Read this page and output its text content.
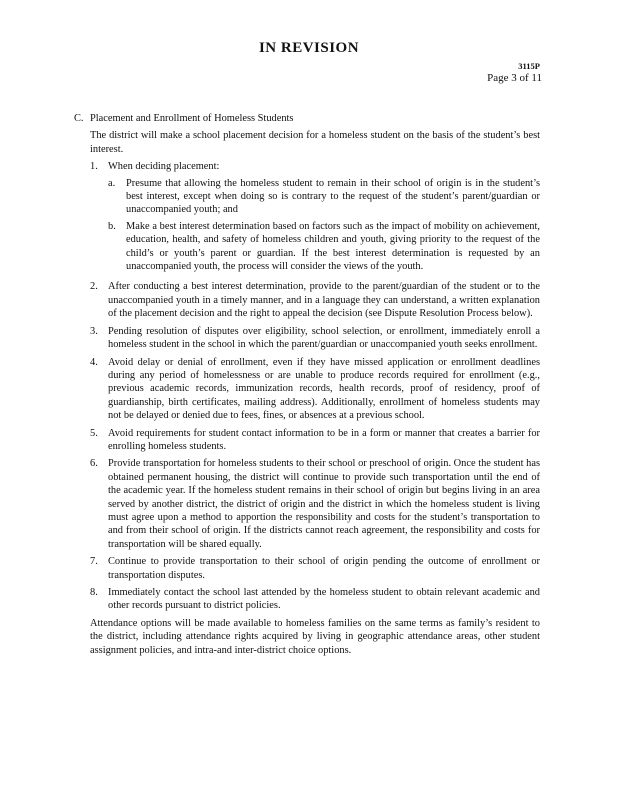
IN REVISION
3115P
Page 3 of 11
C. Placement and Enrollment of Homeless Students

The district will make a school placement decision for a homeless student on the basis of the student’s best interest.

1. When deciding placement:
a.	Presume that allowing the homeless student to remain in their school of origin is in the student’s best interest, except when doing so is contrary to the request of the student’s parent/guardian or unaccompanied youth; and
b. Make a best interest determination based on factors such as the impact of mobility on achievement, education, health, and safety of homeless children and youth, giving priority to the request of the child’s or youth’s parent or guardian. If the best interest determination is requested by an unaccompanied youth, the process will consider the views of the youth.
2. After conducting a best interest determination, provide to the parent/guardian of the student or to the unaccompanied youth in a timely manner, and in a language they can understand, a written explanation of the placement decision and the right to appeal the decision (see Dispute Resolution Process below).
3. Pending resolution of disputes over eligibility, school selection, or enrollment, immediately enroll a homeless student in the school in which the parent/guardian or unaccompanied youth seeks enrollment.
4. Avoid delay or denial of enrollment, even if they have missed application or enrollment deadlines during any period of homelessness or are unable to produce records required for enrollment (e.g., previous academic records, immunization records, health records, proof of residency, proof of guardianship, birth certificates, mailing address). Additionally, enrollment of homeless students may not be delayed or denied due to fees, fines, or absences at a previous school.
5. Avoid requirements for student contact information to be in a form or manner that creates a barrier for enrolling homeless students.
6. Provide transportation for homeless students to their school or preschool of origin. Once the student has obtained permanent housing, the district will continue to provide such transportation until the end of the academic year. If the homeless student remains in their school of origin but begins living in an area served by another district, the district of origin and the district in which the homeless student is living must agree upon a method to apportion the responsibility and costs for the student’s transportation to and from their school of origin. If the districts cannot reach agreement, the responsibility and costs for transportation will be shared equally.
7. Continue to provide transportation to their school of origin pending the outcome of enrollment or transportation disputes.
8. Immediately contact the school last attended by the homeless student to obtain relevant academic and other records pursuant to district policies.

Attendance options will be made available to homeless families on the same terms as family’s resident to the district, including attendance rights acquired by living in geographic attendance areas, other student assignment policies, and intra-and inter-district choice options.
